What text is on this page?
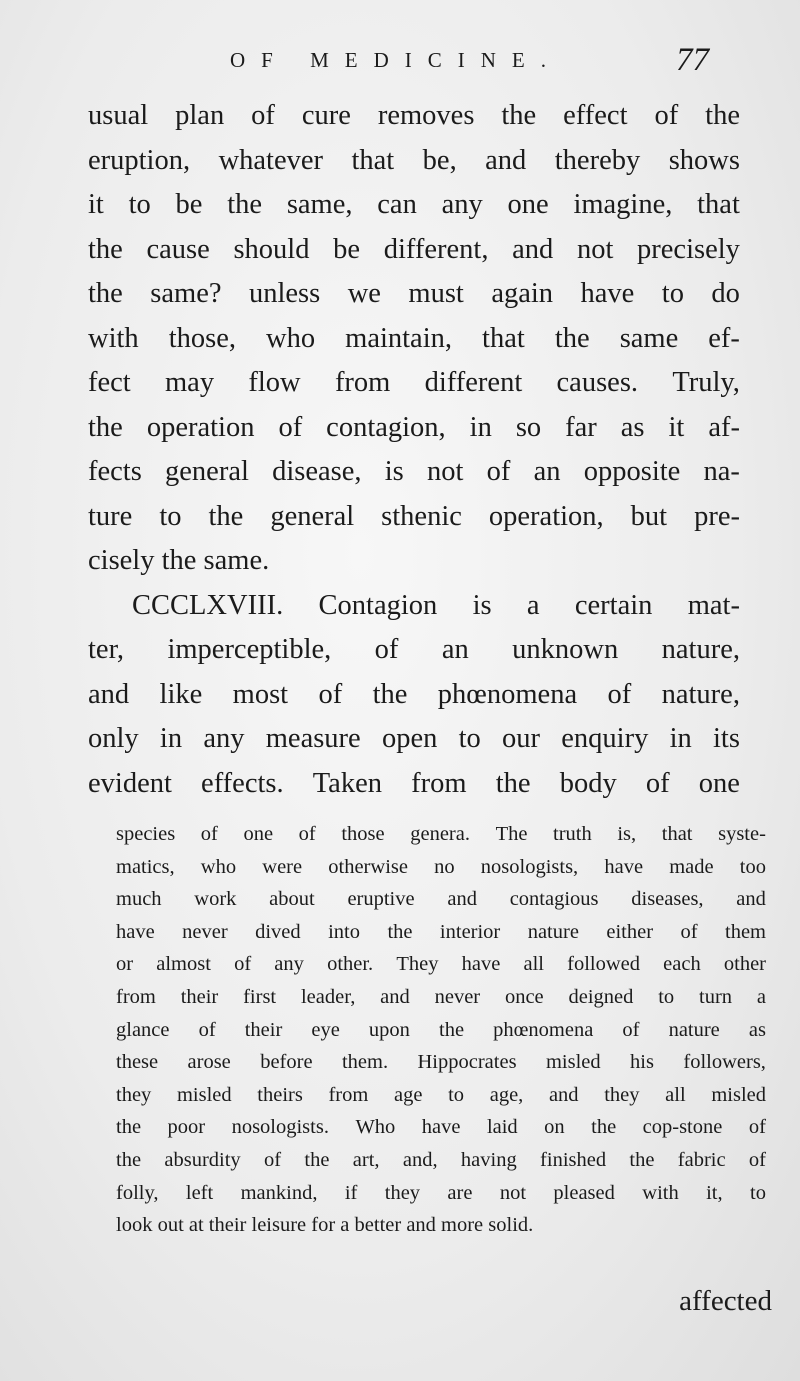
OF MEDICINE.	77
usual plan of cure removes the effect of the
eruption, whatever that be, and thereby shows
it to be the same, can any one imagine, that
the cause should be different, and not precisely
the same? unless we must again have to do
with those, who maintain, that the same ef-
fect may flow from different causes. Truly,
the operation of contagion, in so far as it af-
fects general disease, is not of an opposite na-
ture to the general sthenic operation, but pre-
cisely the same.
CCCLXVIII. Contagion is a certain mat-
ter, imperceptible, of an unknown nature,
and like most of the phœnomena of nature,
only in any measure open to our enquiry in its
evident effects. Taken from the body of one
species of one of those genera. The truth is, that syste-
matics, who were otherwise no nosologists, have made too
much work about eruptive and contagious diseases, and
have never dived into the interior nature either of them
or almost of any other. They have all followed each other
from their first leader, and never once deigned to turn a
glance of their eye upon the phœnomena of nature as
these arose before them. Hippocrates misled his followers,
they misled theirs from age to age, and they all misled
the poor nosologists. Who have laid on the cop-stone of
the absurdity of the art, and, having finished the fabric of
folly, left mankind, if they are not pleased with it, to
look out at their leisure for a better and more solid.
affected
